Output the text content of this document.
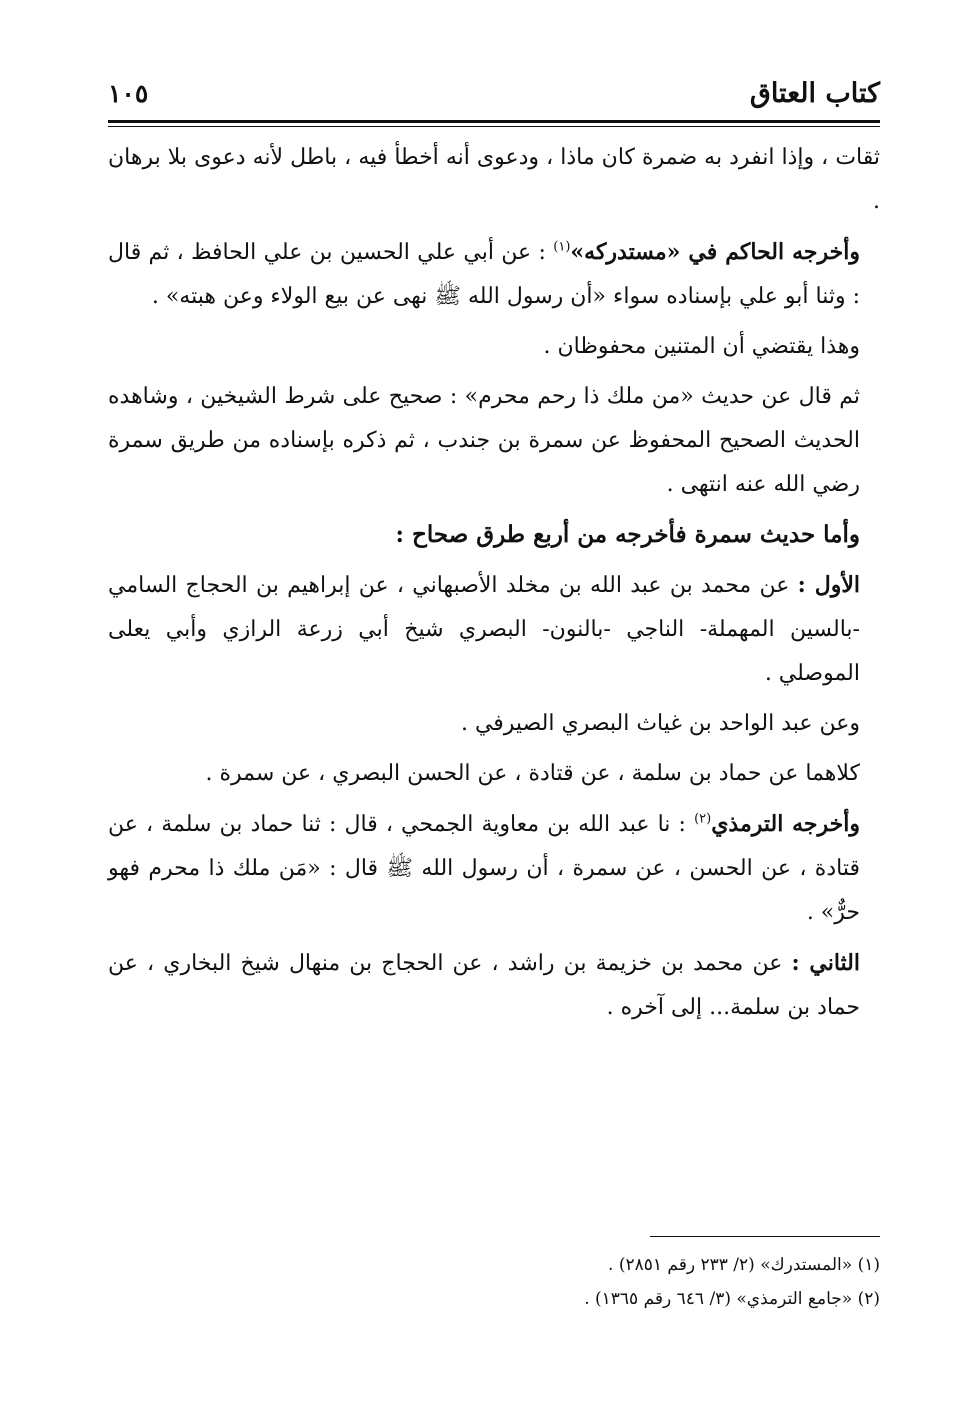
كتاب العتاق
١٠٥

ثقات ، وإذا انفرد به ضمرة كان ماذا ، ودعوى أنه أخطأ فيه ، باطل لأنه دعوى بلا برهان .

وأخرجه الحاكم في «مستدركه»$^{(١)}$ : عن أبي علي الحسين بن علي الحافظ ، ثم قال : وثنا أبو علي بإسناده سواء «أن رسول الله ﷺ نهى عن بيع الولاء وعن هبته» .

وهذا يقتضي أن المتنين محفوظان .

ثم قال عن حديث «من ملك ذا رحم محرم» : صحيح على شرط الشيخين ، وشاهده الحديث الصحيح المحفوظ عن سمرة بن جندب ، ثم ذكره بإسناده من طريق سمرة رضي الله عنه انتهى .

وأما حديث سمرة فأخرجه من أربع طرق صحاح :

الأول : عن محمد بن عبد الله بن مخلد الأصبهاني ، عن إبراهيم بن الحجاج السامي -بالسين المهملة- الناجي -بالنون- البصري شيخ أبي زرعة الرازي وأبي يعلى الموصلي .

وعن عبد الواحد بن غياث البصري الصيرفي .

كلاهما عن حماد بن سلمة ، عن قتادة ، عن الحسن البصري ، عن سمرة .

وأخرجه الترمذي$^{(٢)}$ : نا عبد الله بن معاوية الجمحي ، قال : ثنا حماد بن سلمة ، عن قتادة ، عن الحسن ، عن سمرة ، أن رسول الله ﷺ قال : «مَن ملك ذا محرم فهو حرٌّ» .

الثاني : عن محمد بن خزيمة بن راشد ، عن الحجاج بن منهال شيخ البخاري ، عن حماد بن سلمة... إلى آخره .

(١) «المستدرك» (٢/ ٢٣٣ رقم ٢٨٥١) .

(٢) «جامع الترمذي» (٣/ ٦٤٦ رقم ١٣٦٥) .
